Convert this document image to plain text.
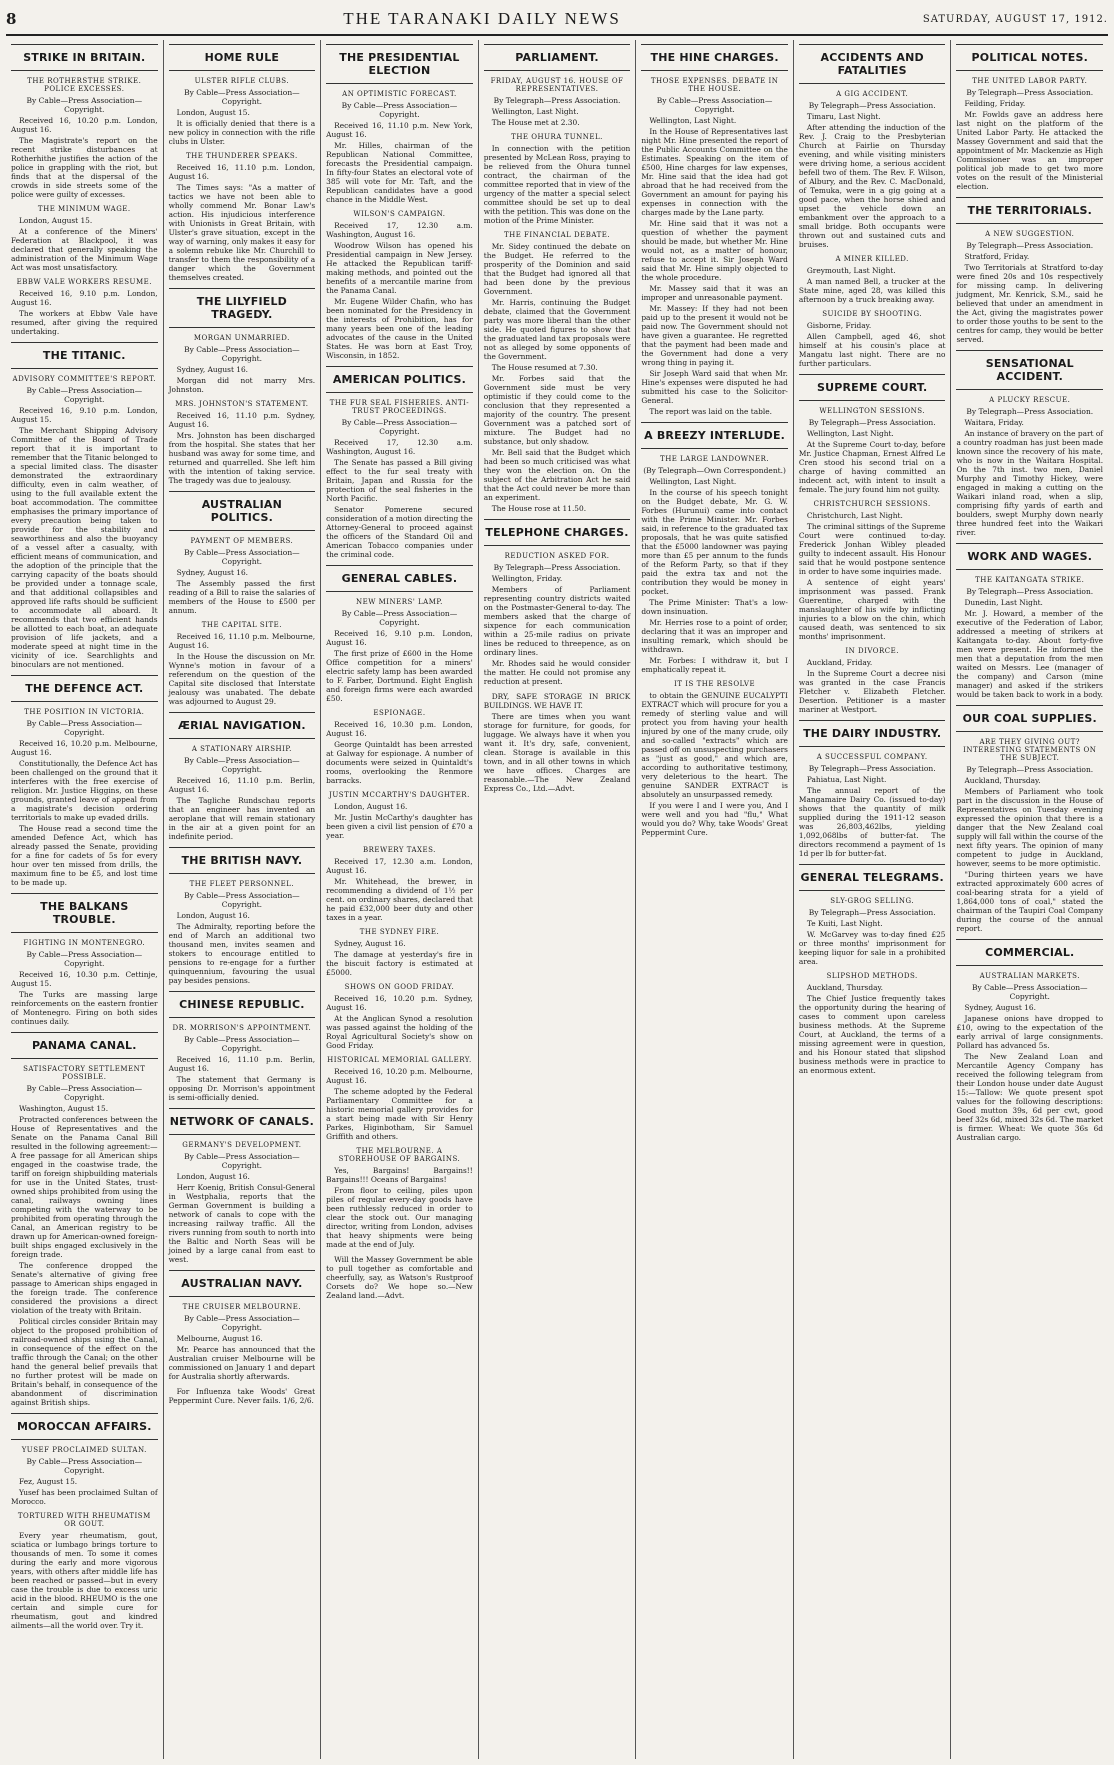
8	THE TARANAKI DAILY NEWS	SATURDAY, AUGUST 17, 1912.
STRIKE IN BRITAIN.
THE ROTHERSTHE STRIKE. POLICE EXCESSES.
By Cable—Press Association—Copyright.
Received 16, 10.20 p.m. London, August 16.
The Magistrate's report on the recent strike disturbances at Rotherhithe justifies the action of the police in grappling with the riot, but finds that at the dispersal of the crowds in side streets some of the police were guilty of excesses.
THE MINIMUM WAGE.
London, August 15.
At a conference of the Miners' Federation at Blackpool, it was declared that generally speaking the administration of the Minimum Wage Act was most unsatisfactory.
EBBW VALE WORKERS RESUME.
Received 16, 9.10 p.m. London, August 16.
The workers at Ebbw Vale have resumed, after giving the required undertaking.
THE TITANIC.
ADVISORY COMMITTEE'S REPORT.
By Cable—Press Association—Copyright.
Received 16, 9.10 p.m. London, August 15.
The Merchant Shipping Advisory Committee of the Board of Trade report that it is important to remember that the Titanic belonged to a special limited class. The disaster demonstrated the extraordinary difficulty, even in calm weather, of using to the full available extent the boat accommodation. The committee emphasises the primary importance of every precaution being taken to provide for the stability and seaworthiness and also the buoyancy of a vessel after a casualty, with efficient means of communication, and the adoption of the principle that the carrying capacity of the boats should be provided under a tonnage scale, and that additional collapsibles and approved life rafts should be sufficient to accommodate all aboard. It recommends that two efficient hands be allotted to each boat, an adequate provision of life jackets, and a moderate speed at night time in the vicinity of ice. Searchlights and binoculars are not mentioned.
THE DEFENCE ACT.
THE POSITION IN VICTORIA.
By Cable—Press Association—Copyright.
Received 16, 10.20 p.m. Melbourne, August 16.
Constitutionally, the Defence Act has been challenged on the ground that it interferes with the free exercise of religion. Mr. Justice Higgins, on these grounds, granted leave of appeal from a magistrate's decision ordering territorials to make up evaded drills.
The House read a second time the amended Defence Act, which has already passed the Senate, providing for a fine for cadets of 5s for every hour over ten missed from drills, the maximum fine to be £5, and lost time to be made up.
THE BALKANS TROUBLE.
FIGHTING IN MONTENEGRO.
By Cable—Press Association—Copyright.
Received 16, 10.30 p.m. Cettinje, August 15.
The Turks are massing large reinforcements on the eastern frontier of Montenegro. Firing on both sides continues daily.
PANAMA CANAL.
SATISFACTORY SETTLEMENT POSSIBLE.
By Cable—Press Association—Copyright.
Washington, August 15.
Protracted conferences between the House of Representatives and the Senate on the Panama Canal Bill resulted in the following agreement:—A free passage for all American ships engaged in the coastwise trade, the tariff on foreign shipbuilding materials for use in the United States, trust-owned ships prohibited from using the canal, railways owning lines competing with the waterway to be prohibited from operating through the Canal, an American registry to be drawn up for American-owned foreign-built ships engaged exclusively in the foreign trade.
The conference dropped the Senate's alternative of giving free passage to American ships engaged in the foreign trade. The conference considered the provisions a direct violation of the treaty with Britain.
Political circles consider Britain may object to the proposed prohibition of railroad-owned ships using the Canal, in consequence of the effect on the traffic through the Canal; on the other hand the general belief prevails that no further protest will be made on Britain's behalf, in consequence of the abandonment of discrimination against British ships.
MOROCCAN AFFAIRS.
YUSEF PROCLAIMED SULTAN.
By Cable—Press Association—Copyright.
Fez, August 15.
Yusef has been proclaimed Sultan of Morocco.
TORTURED WITH RHEUMATISM OR GOUT.
Every year rheumatism, gout, sciatica or lumbago brings torture to thousands of men. To some it comes during the early and more vigorous years, with others after middle life has been reached or passed—but in every case the trouble is due to excess uric acid in the blood. RHEUMO is the one certain and simple cure for rheumatism, gout and kindred ailments—all the world over. Try it.
HOME RULE
ULSTER RIFLE CLUBS.
By Cable—Press Association—Copyright.
London, August 15.
It is officially denied that there is a new policy in connection with the rifle clubs in Ulster.
THE THUNDERER SPEAKS.
Received 16, 11.10 p.m. London, August 16.
The Times says: "As a matter of tactics we have not been able to wholly commend Mr. Bonar Law's action. His injudicious interference with Unionists in Great Britain, with Ulster's grave situation, except in the way of warning, only makes it easy for a solemn rebuke like Mr. Churchill to transfer to them the responsibility of a danger which the Government themselves created.
THE LILYFIELD TRAGEDY.
MORGAN UNMARRIED.
By Cable—Press Association—Copyright.
Sydney, August 16.
Morgan did not marry Mrs. Johnston.
MRS. JOHNSTON'S STATEMENT.
Received 16, 11.10 p.m. Sydney, August 16.
Mrs. Johnston has been discharged from the hospital. She states that her husband was away for some time, and returned and quarrelled. She left him with the intention of taking service. The tragedy was due to jealousy.
AUSTRALIAN POLITICS.
PAYMENT OF MEMBERS.
By Cable—Press Association—Copyright.
Sydney, August 16.
The Assembly passed the first reading of a Bill to raise the salaries of members of the House to £500 per annum.
THE CAPITAL SITE.
Received 16, 11.10 p.m. Melbourne, August 16.
In the House the discussion on Mr. Wynne's motion in favour of a referendum on the question of the Capital site disclosed that Interstate jealousy was unabated. The debate was adjourned to August 29.
ÆRIAL NAVIGATION.
A STATIONARY AIRSHIP.
By Cable—Press Association—Copyright.
Received 16, 11.10 p.m. Berlin, August 16.
The Tagliche Rundschau reports that an engineer has invented an aeroplane that will remain stationary in the air at a given point for an indefinite period.
THE BRITISH NAVY.
THE FLEET PERSONNEL.
By Cable—Press Association—Copyright.
London, August 16.
The Admiralty, reporting before the end of March an additional two thousand men, invites seamen and stokers to encourage entitled to pensions to re-engage for a further quinquennium, favouring the usual pay besides pensions.
CHINESE REPUBLIC.
DR. MORRISON'S APPOINTMENT.
By Cable—Press Association—Copyright.
Received 16, 11.10 p.m. Berlin, August 16.
The statement that Germany is opposing Dr. Morrison's appointment is semi-officially denied.
NETWORK OF CANALS.
GERMANY'S DEVELOPMENT.
By Cable—Press Association—Copyright.
London, August 16.
Herr Koenig, British Consul-General in Westphalia, reports that the German Government is building a network of canals to cope with the increasing railway traffic. All the rivers running from south to north into the Baltic and North Seas will be joined by a large canal from east to west.
AUSTRALIAN NAVY.
THE CRUISER MELBOURNE.
By Cable—Press Association—Copyright.
Melbourne, August 16.
Mr. Pearce has announced that the Australian cruiser Melbourne will be commissioned on January 1 and depart for Australia shortly afterwards.
For Influenza take Woods' Great Peppermint Cure. Never fails. 1/6, 2/6.
THE PRESIDENTIAL ELECTION
AN OPTIMISTIC FORECAST.
By Cable—Press Association—Copyright.
Received 16, 11.10 p.m. New York, August 16.
Mr. Hilles, chairman of the Republican National Committee, forecasts the Presidential campaign. In fifty-four States an electoral vote of 385 will vote for Mr. Taft, and the Republican candidates have a good chance in the Middle West.
WILSON'S CAMPAIGN.
Received 17, 12.30 a.m. Washington, August 16.
Woodrow Wilson has opened his Presidential campaign in New Jersey. He attacked the Republican tariff-making methods, and pointed out the benefits of a mercantile marine from the Panama Canal.
Mr. Eugene Wilder Chafin, who has been nominated for the Presidency in the interests of Prohibition, has for many years been one of the leading advocates of the cause in the United States. He was born at East Troy, Wisconsin, in 1852.
AMERICAN POLITICS.
THE FUR SEAL FISHERIES. ANTI-TRUST PROCEEDINGS.
By Cable—Press Association—Copyright.
Received 17, 12.30 a.m. Washington, August 16.
The Senate has passed a Bill giving effect to the fur seal treaty with Britain, Japan and Russia for the protection of the seal fisheries in the North Pacific.
Senator Pomerene secured consideration of a motion directing the Attorney-General to proceed against the officers of the Standard Oil and American Tobacco companies under the criminal code.
GENERAL CABLES.
NEW MINERS' LAMP.
By Cable—Press Association—Copyright.
Received 16, 9.10 p.m. London, August 16.
The first prize of £600 in the Home Office competition for a miners' electric safety lamp has been awarded to F. Farber, Dortmund. Eight English and foreign firms were each awarded £50.
ESPIONAGE.
Received 16, 10.30 p.m. London, August 16.
George Quintaldt has been arrested at Galway for espionage. A number of documents were seized in Quintaldt's rooms, overlooking the Renmore barracks.
JUSTIN MCCARTHY'S DAUGHTER.
London, August 16.
Mr. Justin McCarthy's daughter has been given a civil list pension of £70 a year.
BREWERY TAXES.
Received 17, 12.30 a.m. London, August 16.
Mr. Whitehead, the brewer, in recommending a dividend of 1½ per cent. on ordinary shares, declared that he paid £32,000 beer duty and other taxes in a year.
THE SYDNEY FIRE.
Sydney, August 16.
The damage at yesterday's fire in the biscuit factory is estimated at £5000.
SHOWS ON GOOD FRIDAY.
Received 16, 10.20 p.m. Sydney, August 16.
At the Anglican Synod a resolution was passed against the holding of the Royal Agricultural Society's show on Good Friday.
HISTORICAL MEMORIAL GALLERY.
Received 16, 10.20 p.m. Melbourne, August 16.
The scheme adopted by the Federal Parliamentary Committee for a historic memorial gallery provides for a start being made with Sir Henry Parkes, Higinbotham, Sir Samuel Griffith and others.
THE MELBOURNE. A STOREHOUSE OF BARGAINS.
Yes, Bargains! Bargains!! Bargains!!! Oceans of Bargains!
From floor to ceiling, piles upon piles of regular every-day goods have been ruthlessly reduced in order to clear the stock out. Our managing director, writing from London, advises that heavy shipments were being made at the end of July.
Will the Massey Government be able to pull together as comfortable and cheerfully, say, as Watson's Rustproof Corsets do? We hope so.—New Zealand land.—Advt.
PARLIAMENT.
FRIDAY, AUGUST 16. HOUSE OF REPRESENTATIVES.
By Telegraph—Press Association.
Wellington, Last Night.
The House met at 2.30.
THE OHURA TUNNEL.
In connection with the petition presented by McLean Ross, praying to be relieved from the Ohura tunnel contract, the chairman of the committee reported that in view of the urgency of the matter a special select committee should be set up to deal with the petition. This was done on the motion of the Prime Minister.
THE FINANCIAL DEBATE.
Mr. Sidey continued the debate on the Budget. He referred to the prosperity of the Dominion and said that the Budget had ignored all that had been done by the previous Government.
Mr. Harris, continuing the Budget debate, claimed that the Government party was more liberal than the other side. He quoted figures to show that the graduated land tax proposals were not as alleged by some opponents of the Government.
The House resumed at 7.30.
Mr. Forbes said that the Government side must be very optimistic if they could come to the conclusion that they represented a majority of the country. The present Government was a patched sort of mixture. The Budget had no substance, but only shadow.
Mr. Bell said that the Budget which had been so much criticised was what they won the election on. On the subject of the Arbitration Act he said that the Act could never be more than an experiment.
The House rose at 11.50.
TELEPHONE CHARGES.
REDUCTION ASKED FOR.
By Telegraph—Press Association.
Wellington, Friday.
Members of Parliament representing country districts waited on the Postmaster-General to-day. The members asked that the charge of sixpence for each communication within a 25-mile radius on private lines be reduced to threepence, as on ordinary lines.
Mr. Rhodes said he would consider the matter. He could not promise any reduction at present.
DRY, SAFE STORAGE IN BRICK BUILDINGS. WE HAVE IT.
There are times when you want storage for furniture, for goods, for luggage. We always have it when you want it. It's dry, safe, convenient, clean. Storage is available in this town, and in all other towns in which we have offices. Charges are reasonable.—The New Zealand Express Co., Ltd.—Advt.
THE HINE CHARGES.
THOSE EXPENSES. DEBATE IN THE HOUSE.
By Cable—Press Association—Copyright.
Wellington, Last Night.
In the House of Representatives last night Mr. Hine presented the report of the Public Accounts Committee on the Estimates. Speaking on the item of £500, Hine charges for law expenses, Mr. Hine said that the idea had got abroad that he had received from the Government an amount for paying his expenses in connection with the charges made by the Lane party.
Mr. Hine said that it was not a question of whether the payment should be made, but whether Mr. Hine would not, as a matter of honour, refuse to accept it. Sir Joseph Ward said that Mr. Hine simply objected to the whole procedure.
Mr. Massey said that it was an improper and unreasonable payment.
Mr. Massey: If they had not been paid up to the present it would not be paid now. The Government should not have given a guarantee. He regretted that the payment had been made and the Government had done a very wrong thing in paying it.
Sir Joseph Ward said that when Mr. Hine's expenses were disputed he had submitted his case to the Solicitor-General.
The report was laid on the table.
A BREEZY INTERLUDE.
THE LARGE LANDOWNER.
(By Telegraph—Own Correspondent.)
Wellington, Last Night.
In the course of his speech tonight on the Budget debate, Mr. G. W. Forbes (Hurunui) came into contact with the Prime Minister. Mr. Forbes said, in reference to the graduated tax proposals, that he was quite satisfied that the £5000 landowner was paying more than £5 per annum to the funds of the Reform Party, so that if they paid the extra tax and not the contribution they would be money in pocket.
The Prime Minister: That's a low-down insinuation.
Mr. Herries rose to a point of order, declaring that it was an improper and insulting remark, which should be withdrawn.
Mr. Forbes: I withdraw it, but I emphatically repeat it.
IT IS THE RESOLVE
to obtain the GENUINE EUCALYPTI EXTRACT which will procure for you a remedy of sterling value and will protect you from having your health injured by one of the many crude, oily and so-called "extracts" which are passed off on unsuspecting purchasers as "just as good," and which are, according to authoritative testimony, very deleterious to the heart. The genuine SANDER EXTRACT is absolutely an unsurpassed remedy.
If you were I and I were you, And I were well and you had "flu," What would you do? Why, take Woods' Great Peppermint Cure.
ACCIDENTS AND FATALITIES
A GIG ACCIDENT.
By Telegraph—Press Association.
Timaru, Last Night.
After attending the induction of the Rev. J. Craig to the Presbyterian Church at Fairlie on Thursday evening, and while visiting ministers were driving home, a serious accident befell two of them. The Rev. F. Wilson, of Albury, and the Rev. C. MacDonald, of Temuka, were in a gig going at a good pace, when the horse shied and upset the vehicle down an embankment over the approach to a small bridge. Both occupants were thrown out and sustained cuts and bruises.
A MINER KILLED.
Greymouth, Last Night.
A man named Bell, a trucker at the State mine, aged 28, was killed this afternoon by a truck breaking away.
SUICIDE BY SHOOTING.
Gisborne, Friday.
Allen Campbell, aged 46, shot himself at his cousin's place at Mangatu last night. There are no further particulars.
SUPREME COURT.
WELLINGTON SESSIONS.
By Telegraph—Press Association.
Wellington, Last Night.
At the Supreme Court to-day, before Mr. Justice Chapman, Ernest Alfred Le Cren stood his second trial on a charge of having committed an indecent act, with intent to insult a female. The jury found him not guilty.
CHRISTCHURCH SESSIONS.
Christchurch, Last Night.
The criminal sittings of the Supreme Court were continued to-day. Frederick Jonhan Wibley pleaded guilty to indecent assault. His Honour said that he would postpone sentence in order to have some inquiries made.
A sentence of eight years' imprisonment was passed. Frank Guerentine, charged with the manslaughter of his wife by inflicting injuries to a blow on the chin, which caused death, was sentenced to six months' imprisonment.
IN DIVORCE.
Auckland, Friday.
In the Supreme Court a decree nisi was granted in the case Francis Fletcher v. Elizabeth Fletcher. Desertion. Petitioner is a master mariner at Westport.
THE DAIRY INDUSTRY.
A SUCCESSFUL COMPANY.
By Telegraph—Press Association.
Pahiatua, Last Night.
The annual report of the Mangamaire Dairy Co. (issued to-day) shows that the quantity of milk supplied during the 1911-12 season was 26,803,462lbs, yielding 1,092,068lbs of butter-fat. The directors recommend a payment of 1s 1d per lb for butter-fat.
GENERAL TELEGRAMS.
SLY-GROG SELLING.
By Telegraph—Press Association.
Te Kuiti, Last Night.
W. McGarvey was to-day fined £25 or three months' imprisonment for keeping liquor for sale in a prohibited area.
SLIPSHOD METHODS.
Auckland, Thursday.
The Chief Justice frequently takes the opportunity during the hearing of cases to comment upon careless business methods. At the Supreme Court, at Auckland, the terms of a missing agreement were in question, and his Honour stated that slipshod business methods were in practice to an enormous extent.
POLITICAL NOTES.
THE UNITED LABOR PARTY.
By Telegraph—Press Association.
Feilding, Friday.
Mr. Fowlds gave an address here last night on the platform of the United Labor Party. He attacked the Massey Government and said that the appointment of Mr. Mackenzie as High Commissioner was an improper political job made to get two more votes on the result of the Ministerial election.
THE TERRITORIALS.
A NEW SUGGESTION.
By Telegraph—Press Association.
Stratford, Friday.
Two Territorials at Stratford to-day were fined 20s and 10s respectively for missing camp. In delivering judgment, Mr. Kenrick, S.M., said he believed that under an amendment in the Act, giving the magistrates power to order those youths to be sent to the centres for camp, they would be better served.
SENSATIONAL ACCIDENT.
A PLUCKY RESCUE.
By Telegraph—Press Association.
Waitara, Friday.
An instance of bravery on the part of a country roadman has just been made known since the recovery of his mate, who is now in the Waitara Hospital. On the 7th inst. two men, Daniel Murphy and Timothy Hickey, were engaged in making a cutting on the Waikari inland road, when a slip, comprising fifty yards of earth and boulders, swept Murphy down nearly three hundred feet into the Waikari river.
WORK AND WAGES.
THE KAITANGATA STRIKE.
By Telegraph—Press Association.
Dunedin, Last Night.
Mr. J. Howard, a member of the executive of the Federation of Labor, addressed a meeting of strikers at Kaitangata to-day. About forty-five men were present. He informed the men that a deputation from the men waited on Messrs. Lee (manager of the company) and Carson (mine manager) and asked if the strikers would be taken back to work in a body.
OUR COAL SUPPLIES.
ARE THEY GIVING OUT? INTERESTING STATEMENTS ON THE SUBJECT.
By Telegraph—Press Association.
Auckland, Thursday.
Members of Parliament who took part in the discussion in the House of Representatives on Tuesday evening expressed the opinion that there is a danger that the New Zealand coal supply will fall within the course of the next fifty years. The opinion of many competent to judge in Auckland, however, seems to be more optimistic.
"During thirteen years we have extracted approximately 600 acres of coal-bearing strata for a yield of 1,864,000 tons of coal," stated the chairman of the Taupiri Coal Company during the course of the annual report.
COMMERCIAL.
AUSTRALIAN MARKETS.
By Cable—Press Association—Copyright.
Sydney, August 16.
Japanese onions have dropped to £10, owing to the expectation of the early arrival of large consignments. Pollard has advanced 5s.
The New Zealand Loan and Mercantile Agency Company has received the following telegram from their London house under date August 15:—Tallow: We quote present spot values for the following descriptions: Good mutton 39s, 6d per cwt, good beef 32s 6d, mixed 32s 6d. The market is firmer. Wheat: We quote 36s 6d Australian cargo.
